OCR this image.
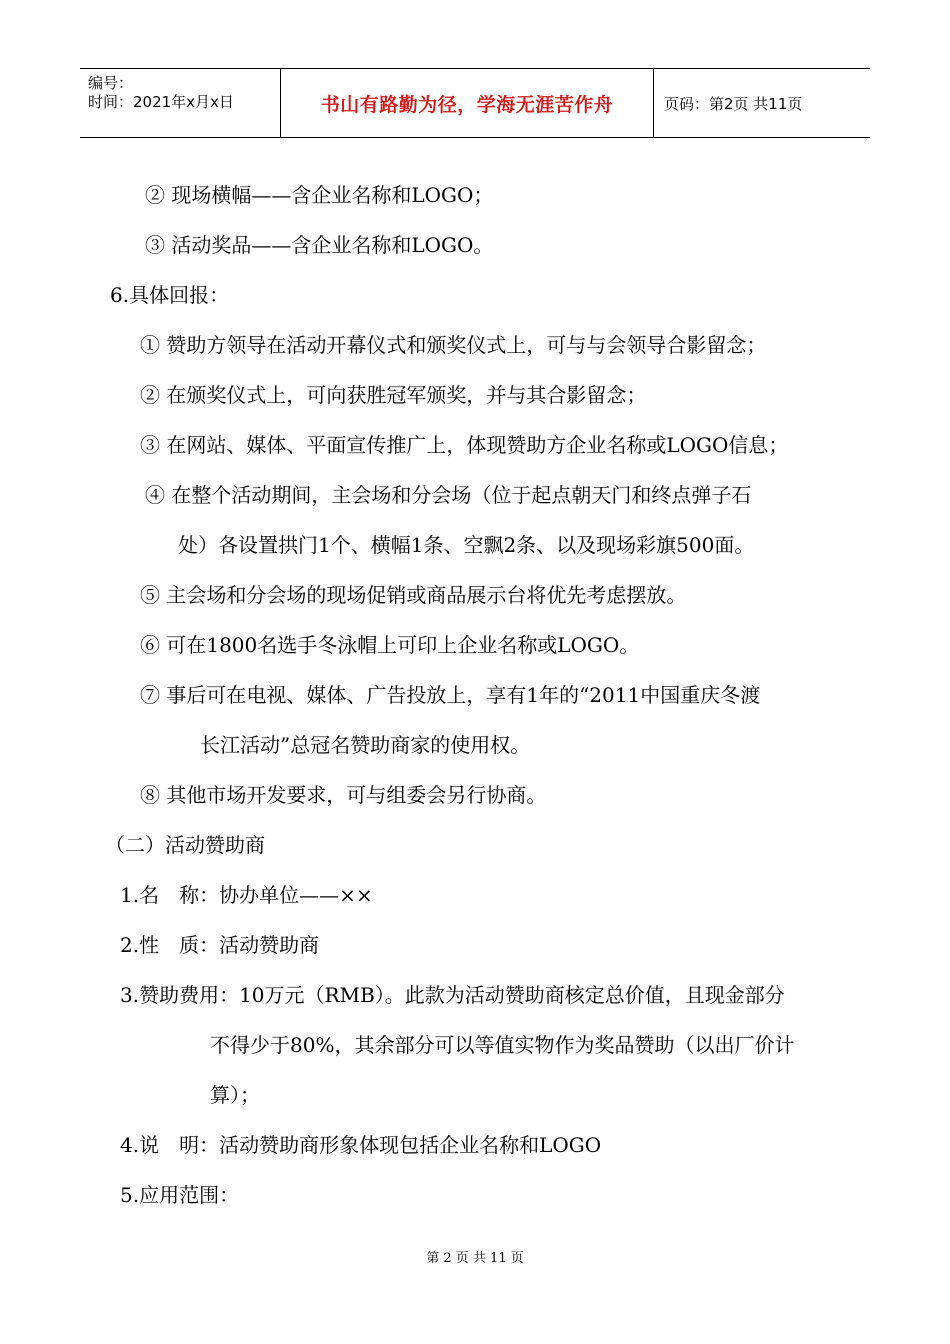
编号：
时间：2021年x月x日	书山有路勤为径，学海无涯苦作舟	页码：第2页 共11页
② 现场横幅——含企业名称和LOGO；
③ 活动奖品——含企业名称和LOGO。
6.具体回报：
① 赞助方领导在活动开幕仪式和颁奖仪式上，可与与会领导合影留念；
② 在颁奖仪式上，可向获胜冠军颁奖，并与其合影留念；
③ 在网站、媒体、平面宣传推广上，体现赞助方企业名称或LOGO信息；
④ 在整个活动期间，主会场和分会场（位于起点朝天门和终点弹子石
处）各设置拱门1个、横幅1条、空飘2条、以及现场彩旗500面。
⑤ 主会场和分会场的现场促销或商品展示台将优先考虑摆放。
⑥ 可在1800名选手冬泳帽上可印上企业名称或LOGO。
⑦ 事后可在电视、媒体、广告投放上，享有1年的“2011中国重庆冬渡
长江活动”总冠名赞助商家的使用权。
⑧ 其他市场开发要求，可与组委会另行协商。
（二）活动赞助商
1.名　称：协办单位——××
2.性　质：活动赞助商
3.赞助费用：10万元（RMB）。此款为活动赞助商核定总价值，且现金部分
不得少于80%，其余部分可以等值实物作为奖品赞助（以出厂价计
算）；
4.说　明：活动赞助商形象体现包括企业名称和LOGO
5.应用范围：
第 2 页 共 11 页
